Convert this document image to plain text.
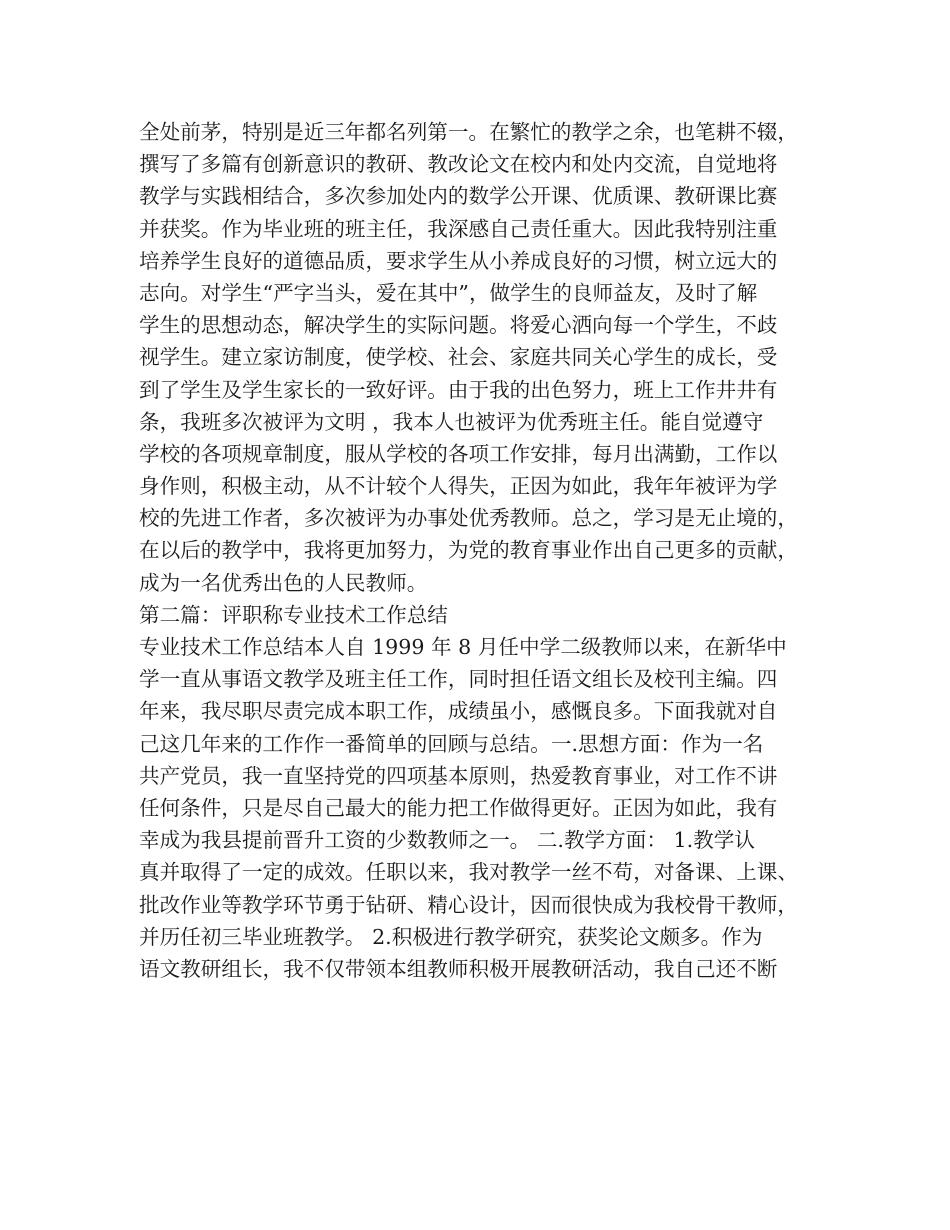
全处前茅，特别是近三年都名列第一。在繁忙的教学之余，也笔耕不辍，
撰写了多篇有创新意识的教研、教改论文在校内和处内交流，自觉地将
教学与实践相结合，多次参加处内的数学公开课、优质课、教研课比赛
并获奖。作为毕业班的班主任，我深感自己责任重大。因此我特别注重
培养学生良好的道德品质，要求学生从小养成良好的习惯，树立远大的
志向。对学生“严字当头，爱在其中”，做学生的良师益友，及时了解
学生的思想动态，解决学生的实际问题。将爱心洒向每一个学生，不歧
视学生。建立家访制度，使学校、社会、家庭共同关心学生的成长，受
到了学生及学生家长的一致好评。由于我的出色努力，班上工作井井有
条，我班多次被评为文明 ，我本人也被评为优秀班主任。能自觉遵守
学校的各项规章制度，服从学校的各项工作安排，每月出满勤，工作以
身作则，积极主动，从不计较个人得失，正因为如此，我年年被评为学
校的先进工作者，多次被评为办事处优秀教师。总之，学习是无止境的，
在以后的教学中，我将更加努力，为党的教育事业作出自己更多的贡献，
成为一名优秀出色的人民教师。
第二篇：评职称专业技术工作总结
专业技术工作总结本人自 1999 年 8 月任中学二级教师以来，在新华中
学一直从事语文教学及班主任工作，同时担任语文组长及校刊主编。四
年来，我尽职尽责完成本职工作，成绩虽小，感慨良多。下面我就对自
己这几年来的工作作一番简单的回顾与总结。一.思想方面：作为一名
共产党员，我一直坚持党的四项基本原则，热爱教育事业，对工作不讲
任何条件，只是尽自己最大的能力把工作做得更好。正因为如此，我有
幸成为我县提前晋升工资的少数教师之一。 二.教学方面： 1.教学认
真并取得了一定的成效。任职以来，我对教学一丝不苟，对备课、上课、
批改作业等教学环节勇于钻研、精心设计，因而很快成为我校骨干教师，
并历任初三毕业班教学。 2.积极进行教学研究，获奖论文颇多。作为
语文教研组长，我不仅带领本组教师积极开展教研活动，我自己还不断
